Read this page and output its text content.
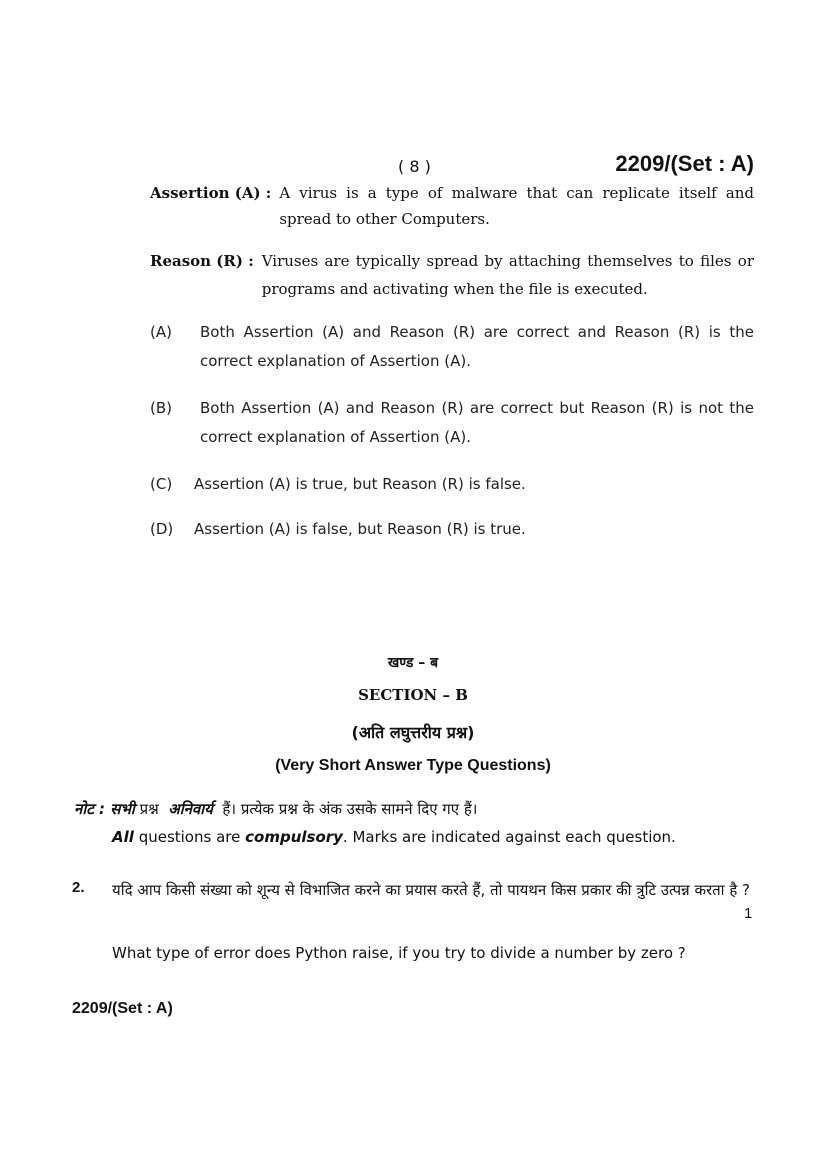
( 8 )	2209/(Set : A)
Assertion (A) : A virus is a type of malware that can replicate itself and spread to other Computers.
Reason (R) : Viruses are typically spread by attaching themselves to files or programs and activating when the file is executed.
(A)	Both Assertion (A) and Reason (R) are correct and Reason (R) is the correct explanation of Assertion (A).
(B)	Both Assertion (A) and Reason (R) are correct but Reason (R) is not the correct explanation of Assertion (A).
(C)	Assertion (A) is true, but Reason (R) is false.
(D)	Assertion (A) is false, but Reason (R) is true.
खण्ड – ब
SECTION – B
(अति लघुत्तरीय प्रश्न)
(Very Short Answer Type Questions)
नोट : सभी प्रश्न अनिवार्य हैं। प्रत्येक प्रश्न के अंक उसके सामने दिए गए हैं।
All questions are compulsory. Marks are indicated against each question.
2. यदि आप किसी संख्या को शून्य से विभाजित करने का प्रयास करते हैं, तो पायथन किस प्रकार की त्रुटि उत्पन्न करता है ?
1
What type of error does Python raise, if you try to divide a number by zero ?
2209/(Set : A)
